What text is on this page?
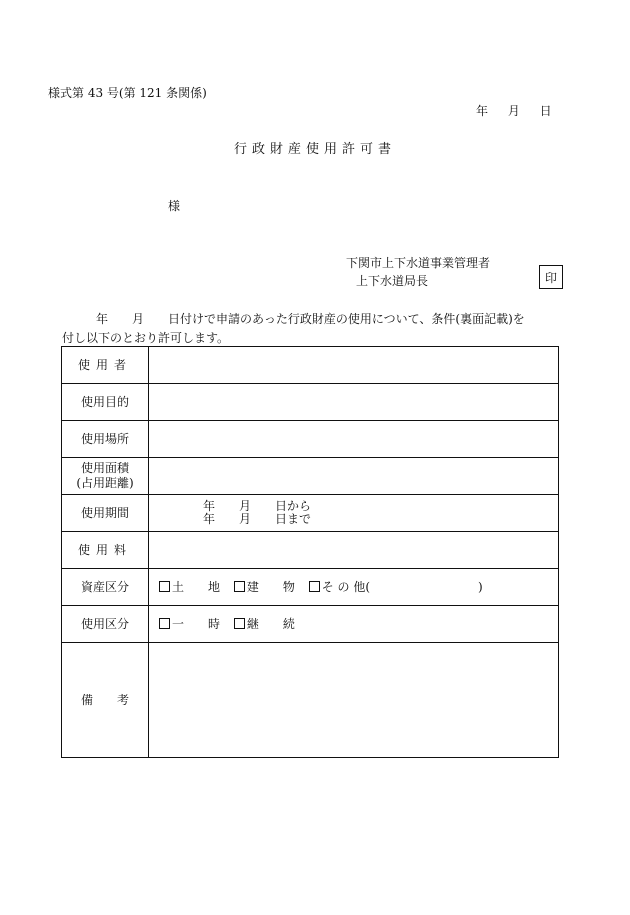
様式第 43 号(第 121 条関係)
年 月 日
行政財産使用許可書
様
下関市上下水道事業管理者
上下水道局長	印
年　　月　　日付けで申請のあった行政財産の使用について、条件(裏面記載)を
付し以下のとおり許可します。
使用者	
使用目的	
使用場所	
使用面積
(占用距離)	
使用期間	年　　月　　日から
年　　月　　日まで

使用料	
資産区分	土　　地 建　　物 そ の 他(　　　　　　　　　)
使用区分	一　　時 継　　続
備　　考	
